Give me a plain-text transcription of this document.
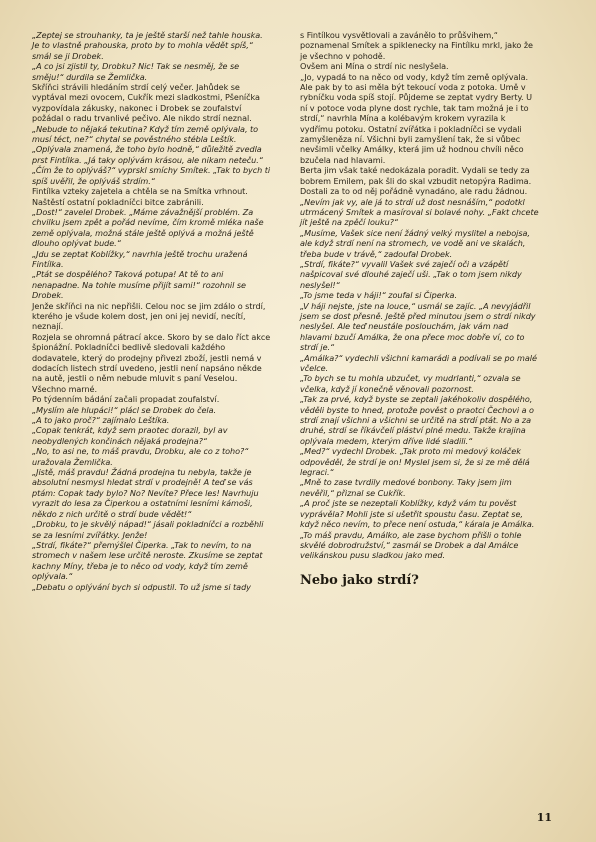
„Zeptej se strouhanky, ta je ještě starší než tahle houska. Je to vlastně prahouska, proto by to mohla vědět spíš,“ smál se ji Drobek.

„A co jsi zjistil ty, Drobku? Nic! Tak se nesměj, že se směju!“ durdila se Žemlička.

Skříňci strávili hledáním strdí celý večer. Jahůdek se vyptával mezi ovocem, Cukřík mezi sladkostmi, Pšeníčka vyzpovídala zákusky, nakonec i Drobek se zoufalství požádal o radu trvanlivé pečivo. Ale nikdo strdí neznal.

„Nebude to nějaká tekutina? Když tím země oplývala, to musí téct, ne?“ chytal se pověstného stébla Leštík.

„Oplývala znamená, že toho bylo hodně,“ důležitě zvedla prst Fintílka. „Já taky oplývám krásou, ale nikam neteču.“

„Čím že to oplýváš?“ vyprskl smíchy Smítek. „Tak to bych ti spíš uvěřil, že oplýváš strdím.“

Fintílka vzteky zajetela a chtěla se na Smítka vrhnout. Naštěstí ostatní pokladníčci bitce zabránili.

„Dost!“ zavelel Drobek. „Máme závažnější problém. Za chvilku jsem zpět a pořád nevíme, čím kromě mléka naše země oplývala, možná stále ještě oplývá a možná ještě dlouho oplývat bude.“

„Jdu se zeptat Koblížky,“ navrhla ještě trochu uražená Fintílka.

„Ptát se dospělého? Taková potupa! At tě to ani nenapadne. Na tohle musíme přijít sami!“ rozohnil se Drobek.

Jenže skříňci na nic nepřišli. Celou noc se jim zdálo o strdí, kterého je všude kolem dost, jen oni jej nevidí, necítí, neznají.

Rozjela se ohromná pátrací akce. Skoro by se dalo říct akce špionážní. Pokladníčci bedlivě sledovali každého dodavatele, který do prodejny přivezl zboží, jestli nemá v dodacích listech strdí uvedeno, jestli není napsáno někde na autě, jestli o něm nebude mluvit s paní Veselou. Všechno marné.

Po týdenním bádání začali propadat zoufalství.

„Myslím ale hlupáci!“ plácl se Drobek do čela.

„A to jako proč?“ zajímalo Leštíka.

„Copak tenkrát, když sem praotec dorazil, byl av neobydlených končinách nějaká prodejna?“

„No, to asi ne, to máš pravdu, Drobku, ale co z toho?“ uražovala Žemlička.

„Jistě, máš pravdu! Žádná prodejna tu nebyla, takže je absolutní nesmysl hledat strdí v prodejně! A teď se vás ptám: Copak tady bylo? No? Nevíte? Přece les! Navrhuju vyrazit do lesa za Čiperkou a ostatními lesními kámoši, někdo z nich určitě o strdí bude vědět!“

„Drobku, to je skvělý nápad!“ jásali pokladníčci a rozběhli se za lesními zvířátky. Jenže!

„Strdí, fikáte?“ přemýšlel Čiperka. „Tak to nevím, to na stromech v našem lese určitě neroste. Zkusíme se zeptat kachny Míny, třeba je to něco od vody, když tím země oplývala.“

„Debatu o oplývání bych si odpustil. To už jsme si tady

s Fintílkou vysvětlovali a zavánělo to průšvihem,“ poznamenal Smítek a spiklenecky na Fintílku mrkl, jako že je všechno v pohodě.

Ovšem ani Mína o strdí nic neslyšela.

„Jo, vypadá to na něco od vody, když tím země oplývala. Ale pak by to asi měla být tekoucí voda z potoka. Umě v rybníčku voda spíš stojí. Půjdeme se zeptat vydry Berty. U ní v potoce voda plyne dost rychle, tak tam možná je i to strdí,“ navrhla Mína a kolébavým krokem vyrazila k vydřímu potoku. Ostatní zvířátka i pokladníčci se vydali zamyšleněza ní. Všichni byli zamyšlení tak, že si vůbec nevšimli včelky Amálky, která jim už hodnou chvíli něco bzučela nad hlavami.

Berta jim však také nedokázala poradit. Vydali se tedy za bobrem Emilem, pak šli do skal vzbudit netopýra Radima. Dostali za to od něj pořádně vynadáno, ale radu žádnou.

„Nevím jak vy, ale já to strdí už dost nesnáším,“ podotkl utrmácený Smítek a masíroval si bolavé nohy. „Fakt chcete jít ještě na zpěčí louku?“

„Musíme, Vašek sice není žádný velký myslitel a nebojsa, ale když strdí není na stromech, ve vodě ani ve skalách, třeba bude v trávě,“ zadoufal Drobek.

„Strdí, fikáte?“ vyvalil Vašek své zaječí oči a vzápětí našpicoval své dlouhé zaječí uši. „Tak o tom jsem nikdy neslyšel!“

„To jsme teda v háji!“ zoufal si Čiperka.

„V háji nejste, jste na louce,“ usmál se zajíc. „A nevyjádřil jsem se dost přesně. Ještě před minutou jsem o strdí nikdy neslyšel. Ale teď neustále poslouchám, jak vám nad hlavami bzučí Amálka, že ona přece moc dobře ví, co to strdí je.“

„Amálka?“ vydechli všichni kamarádi a podívali se po malé včelce.

„To bych se tu mohla ubzučet, vy mudrlanti,“ ozvala se včelka, když jí konečně věnovali pozornost.

„Tak za prvé, když byste se zeptali jakéhokoliv dospělého, věděli byste to hned, protože pověst o praotci Čechovi a o strdí znají všichni a všichni se určitě na strdí ptát. No a za druhé, strdí se říkávčelí pláství plné medu. Takže krajina oplývala medem, kterým dříve lidé sladili.“

„Med?“ vydechl Drobek. „Tak proto mi medový koláček odpověděl, že strdí je on! Myslel jsem si, že si ze mě dělá legraci.“

„Mně to zase tvrdily medové bonbony. Taky jsem jim nevěřil,“ přiznal se Cukřík.

„A proč jste se nezeptali Koblížky, když vám tu pověst vyprávěla? Mohli jste si ušetřit spoustu času. Zeptat se, když něco nevím, to přece není ostuda,“ kárala je Amálka.

„To máš pravdu, Amálko, ale zase bychom přišli o tohle skvělé dobrodružství,“ zasmál se Drobek a dal Amálce velikánskou pusu sladkou jako med.

Nebo jako strdí?

11
